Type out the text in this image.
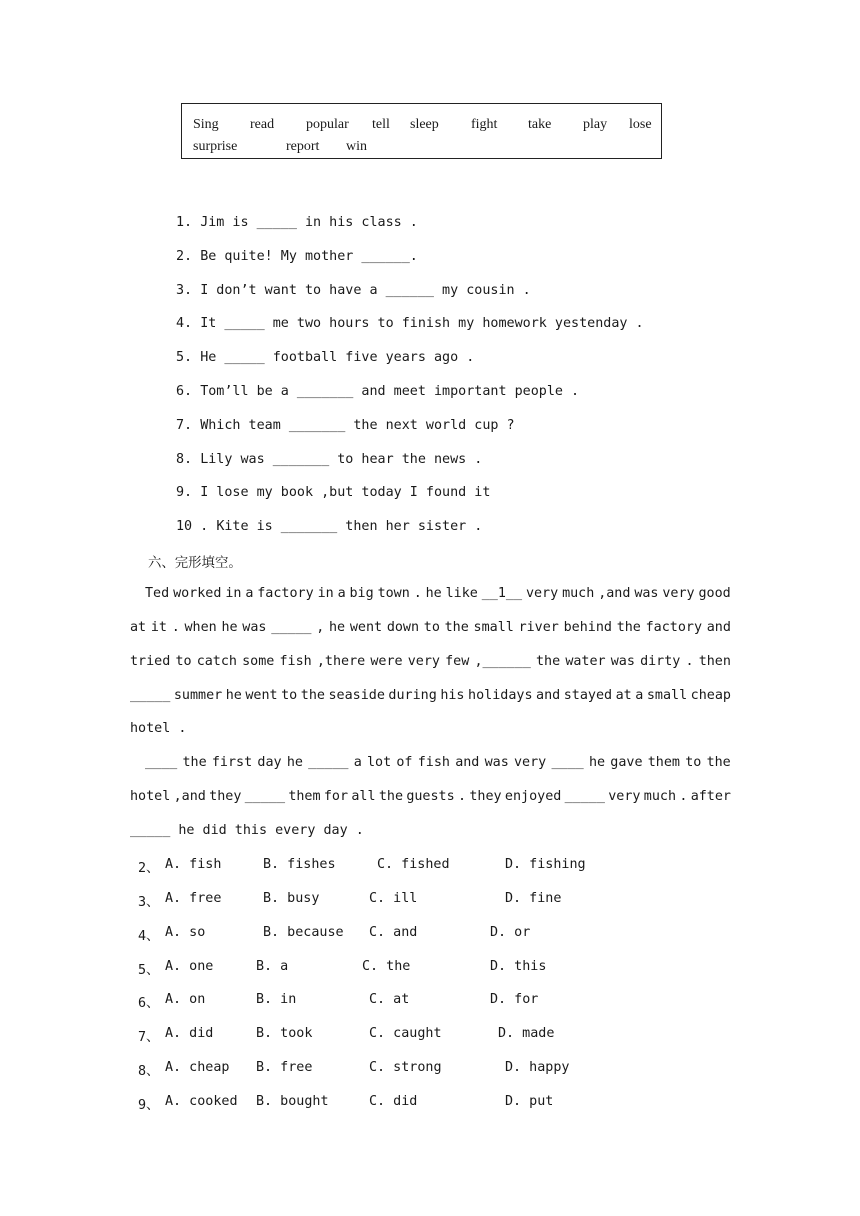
Sing read popular tell sleep fight take play lose
surprise	report win
1. Jim is _____ in his class .
2. Be quite! My mother ______.
3. I don’t want to have a ______ my cousin .
4. It _____ me two hours to finish my homework yestenday .
5. He _____ football five years ago .
6. Tom’ll be a _______ and meet important people .
7. Which team _______ the next world cup ?
8. Lily was _______ to hear the news .
9. I lose my book ,but today I found it
10 . Kite is _______ then her sister .
六、完形填空。
Ted worked in a factory in a big town . he like __1__ very much ,and was very good
at it . when he was _____ , he went down to the small river behind the factory and
tried to catch some fish ,there were very few ,______ the water was dirty . then
_____ summer he went to the seaside during his holidays and stayed at a small cheap
hotel .
____ the first day he _____ a lot of fish and was very ____ he gave them to the
hotel ,and they _____ them for all the guests . they enjoyed _____ very much . after
_____ he did this every day .
2、 A. fish	B. fishes	C. fished	D. fishing
3、 A. free	B. busy	C. ill	D. fine
4、 A. so	B. because C. and	D. or
5、 A. one	B. a	C. the	D. this
6、 A. on	B. in	C. at	D. for
7、 A. did	B. took	C. caught	D. made
8、 A. cheap B. free	C. strong	D. happy
9、 A. cooked B. bought	C. did	D. put
